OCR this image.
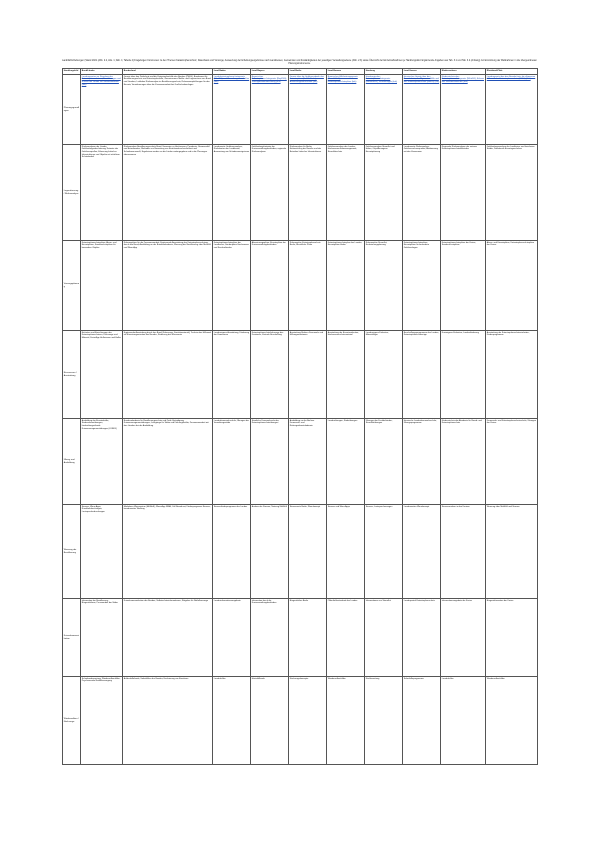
Landtfall Erhebungen (Stand 2021 (Abb. 2.2, Abs. 1; Abb. 1; Tabelle 4) Fragebogen Kommunen zu den Themen Katastrophenschutz, Datenbasis und Vorsorge; Auswertung der Erhebungsergebnisse nach Landkreisen, Gemeinden und Zuständigkeiten der jeweiligen Verwaltungsebene (Abb. 2.3) sowie Übersicht der Einzelmaßnahmen je Handlungsfeld. Ergänzende Angaben aus Tab. 3.1 und Tab. 3.2 (Anhang) zur Einordnung der Maßnahmen in die übergeordneten Planungsinstrumente.
Handlungsfeld	Bund/Länder	Bundesland	Land Baden	Land Bayern	Land Berlin	Land Bremen	Hamburg	Land Hessen	Niedersachsen	Rheinland-Pfalz
Planungsgrundlagen	Landesgesetze zur Regelung des Katastrophenschutzes; Verordnungen und Erlasse der Länder zur Gefahrenabwehr (link)	Gesetz über den Zivilschutz und die Katastrophenhilfe des Bundes (ZSKG); Bundesamt für Bevölkerungsschutz und Katastrophenhilfe; Gemeinsames Melde- und Lagezentrum von Bund und Ländern; Leitfaden Risikoanalyse im Bevölkerungsschutz; Rahmenempfehlungen für den Einsatz; Vereinbarungen über die Zusammenarbeit bei Großschadenslagen	Landeskatastrophenschutzgesetz (LKatSG) und Verwaltungsvorschriften (link)	Bayerisches Katastrophenschutzgesetz (BayKSG); Vollzugsbekanntmachung (link)	Gesetz über die Gefahrenabwehr bei Katastrophen (KatSG Berlin); Ausführungsvorschriften (link)	Bremisches Hilfeleistungsgesetz (BremHilfeG); Katastrophenschutzpläne (link)	Hamburgisches Katastrophenschutzgesetz (HmbKatSG); Verordnungen (link)	Hessisches Gesetz über den Brandschutz, die Allgemeine Hilfe und den Katastrophenschutz (HBKG) (link)	Niedersächsisches Katastrophenschutzgesetz (NKatSG); Erlasse des Innenministeriums (link)	Landesgesetz über den Brandschutz, die allgemeine Hilfe und den Katastrophenschutz (LBKG) (link)

Lageerfassung / Risikoanalyse	Risikoanalysen der Länder; Gefährdungsabschätzung; Kataster der Gefahrenquellen; Erfassung kritischer Infrastrukturen und Objekte mit erhöhtem Schutzbedarf	Risikoanalyse Bevölkerungsschutz Bund; Szenarien zu Hochwasser, Pandemie, Stromausfall und Extremwetter; Methoden zur Bewertung von Eintrittswahrscheinlichkeit und Schadensausmaß; Ergebnisse werden an die Länder weitergegeben und in die Planungen übernommen	Landesweite Gefahrenanalyse; Risikokarten der Landkreise; Auswertung von Schadensereignissen	Gefährdungskataster der Kreisverwaltungsbehörden; regionale Risikoanalysen	Risikoanalyse für Berlin; Einbeziehung der Bezirke und der Betreiber kritischer Infrastrukturen	Gefahrenanalyse des Landes; Hochwasserrisikomanagement; Sturmflutschutz	Gefahrenanalyse Sturmflut und Hafen; Objektbezogene Einsatzplanung	Landesweite Risikoanalyse; Gefahrenschwerpunkte; Abstimmung mit den Kommunen	Regionale Risikoanalysen der unteren Katastrophenschutzbehörden	Gefährdungsanalyse der Landkreise und kreisfreien Städte; Datenbasis Einsatzgeschehen

Vorsorgeplanung	Katastrophenschutzpläne; Alarm- und Einsatzpläne; Sonderschutzpläne für besondere Objekte	Rahmenpläne für die Zusammenarbeit; Ergänzende Ausstattung des Katastrophenschutzes durch den Bund; Ausbildung an der Bundesakademie; Warnung der Bevölkerung über MoWaS und Warn-App	Katastrophenschutzpläne der Landkreise; Sonderpläne Hochwasser und Kernkraftwerke	Alarmierungspläne; Einsatzpläne der Kreisverwaltungsbehörden	Rahmenplan Katastrophenschutz Berlin; Bezirkliche Pläne	Katastrophenschutzplan des Landes; Einsatzpläne Hafen	Rahmenplan Sturmflut; Evakuierungsplanung	Katastrophenschutzpläne; Einsatzpläne für besondere Gefahrenlagen	Katastrophenschutzpläne der Kreise; Sonderschutzpläne	Alarm- und Einsatzpläne; Katastrophenschutzpläne der Kreise

Ressourcen / Ausstattung	Einheiten und Einrichtungen des Katastrophenschutzes; Fahrzeuge und Material; Freiwillige Helferinnen und Helfer	Ergänzende Ausstattung durch den Bund (Fahrzeuge, Sanitätsmaterial); Technisches Hilfswerk als Einsatzorganisation des Bundes; Förderung des Ehrenamts	Landeseigene Ausstattung; Förderung der Kommunen	Katastrophenschutzfahrzeuge des Freistaats; Zentrale Beschaffung	Ausstattung Berliner Feuerwehr und Hilfsorganisationen	Ausstattung der Einsatzeinheiten; Hochwasserschutzmaterial	Landeseigene Einheiten; Materiallager	Beschaffungsprogramme des Landes; Katastrophenschutzzüge	Kreiseigene Einheiten; Landesförderung	Ausstattung der Katastrophenschutzeinheiten; Förderprogramme

Übung und Ausbildung	Ausbildung der Einsatzkräfte; Stabsrahmenübungen; länderübergreifende Krisenmanagementübungen (LÜKEX)	Bundesakademie für Bevölkerungsschutz und Zivile Verteidigung; Krisenmanagementübungen; Lehrgänge für Stäbe und Führungskräfte; Zusammenarbeit mit den Ländern bei der Ausbildung	Landesfeuerwehrschule; Übungen der Verwaltungsstäbe	Staatliche Feuerwehrschulen; Katastrophenschutzübungen	Ausbildung an der Berliner Feuerwehr- und Rettungsdienstakademie	Landesübungen; Stabsübungen	Übungen der Fachbehörden; Sturmflutübungen	Hessische Landesfeuerwehrschule; Übungsprogramme	Niedersächsische Akademie für Brand- und Katastrophenschutz	Feuerwehr- und Katastrophenschutzschule; Übungen der Kreise

Warnung der Bevölkerung	Sirenen; Warn-Apps; Rundfunkdurchsagen; Lautsprecherdurchsagen	Modulares Warnsystem (MoWaS); Warn-App NINA; Cell Broadcast; Förderprogramm Sirenen; bundesweiter Warntag	Sirenenförderprogramm des Landes	Ausbau der Sirenen; Nutzung MoWaS	Sirenennetz Berlin; Warnkonzept	Sirenen und Warn-Apps	Sirenen; Lautsprecherwagen	Landesweites Warnkonzept	Sirenenausbau in den Kreisen	Warnung über MoWaS und Sirenen

Krisenkommunikation	Information der Bevölkerung; Bürgertelefone; Pressearbeit der Stäbe	Krisenkommunikation des Bundes; Selbstschutzinformationen; Ratgeber für Notfallvorsorge	Landesinformationsangebote	Information durch die Kreisverwaltungsbehörden	Bürgertelefon Berlin	Öffentlichkeitsarbeit des Landes	Informationen zur Sturmflut	Landesportal Katastrophenschutz	Informationsangebote der Kreise	Bürgerinformation der Kreise

Wiederaufbau / Nachsorge	Schadensbewertung; Wiederaufbauhilfen; Psychosoziale Notfallversorgung	Aufbauhilfefonds; Soforthilfen des Bundes; Evaluierung von Einsätzen	Landeshilfen	Härtefallfonds	Nachsorgekonzepte	Wiederaufbauhilfen	Nachbereitung	Soforthilfeprogramme	Landeshilfen	Wiederaufbauhilfen
